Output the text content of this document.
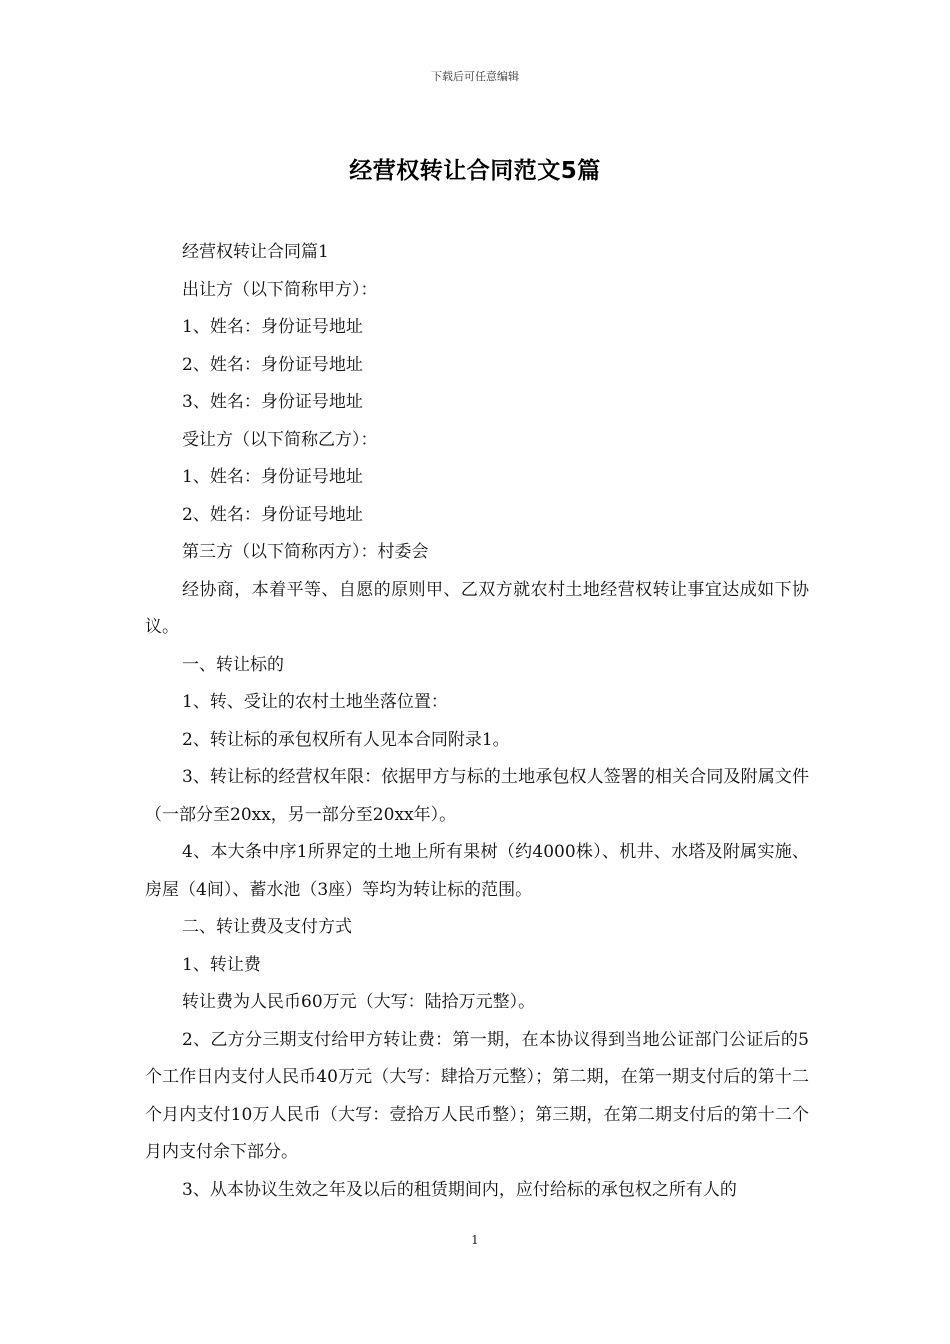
下载后可任意编辑
经营权转让合同范文5篇

经营权转让合同篇1

出让方（以下简称甲方）：

1、姓名：身份证号地址

2、姓名：身份证号地址

3、姓名：身份证号地址

受让方（以下简称乙方）：

1、姓名：身份证号地址

2、姓名：身份证号地址

第三方（以下简称丙方）：村委会

经协商，本着平等、自愿的原则甲、乙双方就农村土地经营权转让事宜达成如下协议。

一、转让标的

1、转、受让的农村土地坐落位置：

2、转让标的承包权所有人见本合同附录1。

3、转让标的经营权年限：依据甲方与标的土地承包权人签署的相关合同及附属文件（一部分至20xx，另一部分至20xx年）。

4、本大条中序1所界定的土地上所有果树（约4000株）、机井、水塔及附属实施、房屋（4间）、蓄水池（3座）等均为转让标的范围。

二、转让费及支付方式

1、转让费

转让费为人民币60万元（大写：陆拾万元整）。

2、乙方分三期支付给甲方转让费：第一期，在本协议得到当地公证部门公证后的5个工作日内支付人民币40万元（大写：肆拾万元整）；第二期，在第一期支付后的第十二个月内支付10万人民币（大写：壹拾万人民币整）；第三期，在第二期支付后的第十二个月内支付余下部分。

3、从本协议生效之年及以后的租赁期间内，应付给标的承包权之所有人的

1
